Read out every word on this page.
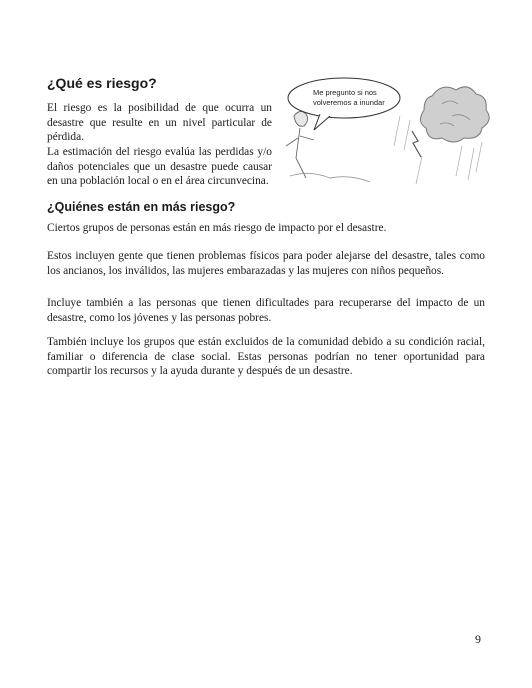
¿Qué es riesgo?

El riesgo es la posibilidad de que ocurra un desastre que resulte en un nivel particular de pérdida.

La estimación del riesgo evalúa las perdidas y/o daños potenciales que un desastre puede causar en una población local o en el área circunvecina.

Me pregunto si nos volveremos a inundar
¿Quiénes están en más riesgo?

Ciertos grupos de personas están en más riesgo de impacto por el desastre.

Estos incluyen gente que tienen problemas físicos para poder alejarse del desastre, tales como los ancianos, los inválidos, las mujeres embarazadas y las mujeres con niños pequeños.

Incluye también a las personas que tienen dificultades para recuperarse del impacto de un desastre, como los jóvenes y las personas pobres.

También incluye los grupos que están excluidos de la comunidad debido a su condición racial, familiar o diferencia de clase social. Estas personas podrían no tener oportunidad para compartir los recursos y la ayuda durante y después de un desastre.

9
